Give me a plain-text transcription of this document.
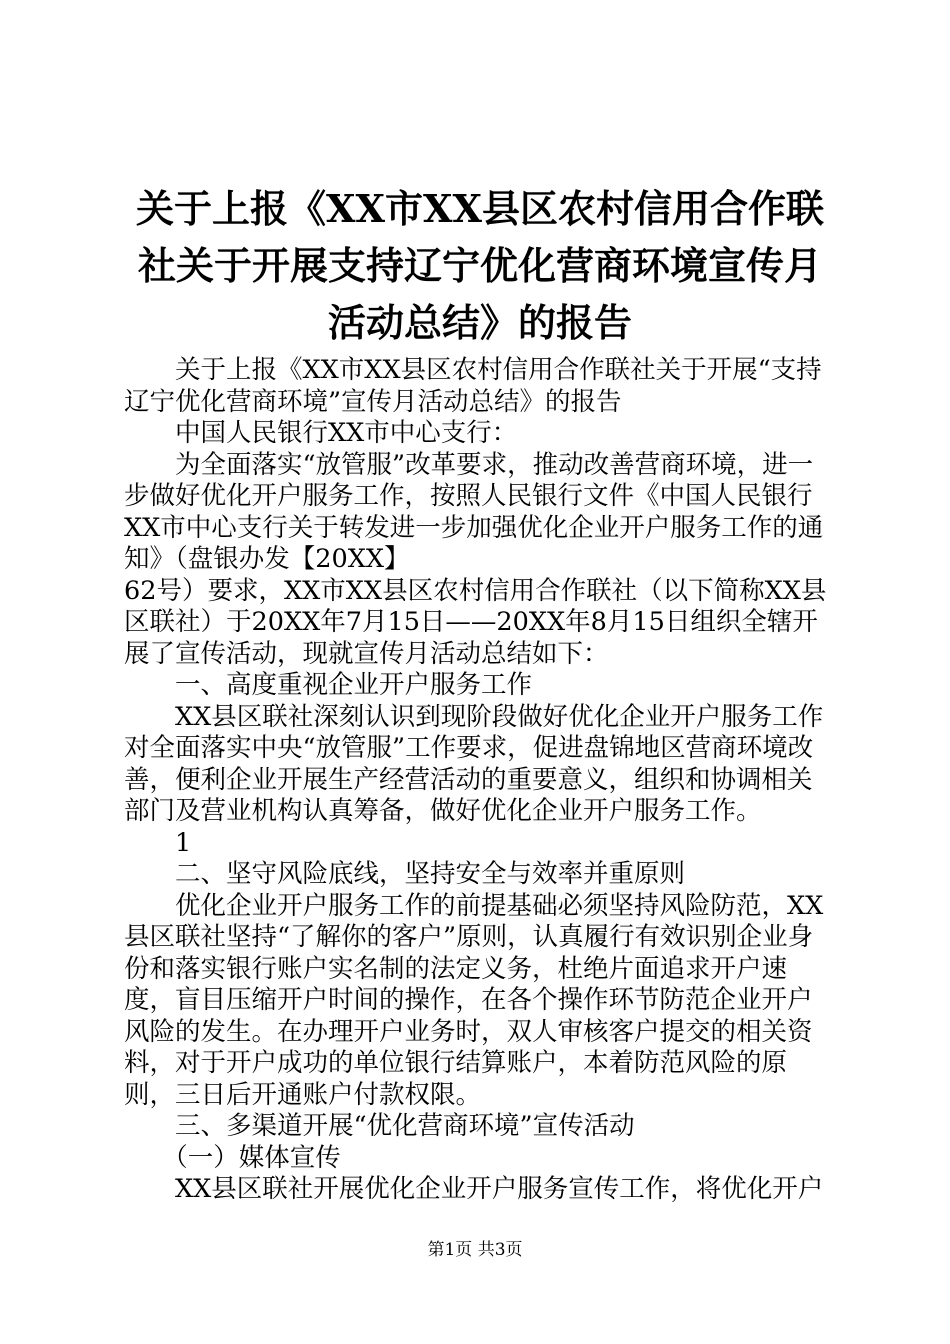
关于上报《XX市XX县区农村信用合作联社关于开展支持辽宁优化营商环境宣传月活动总结》的报告

关于上报《XX市XX县区农村信用合作联社关于开展“支持辽宁优化营商环境”宣传月活动总结》的报告

中国人民银行XX市中心支行：

为全面落实“放管服”改革要求，推动改善营商环境，进一步做好优化开户服务工作，按照人民银行文件《中国人民银行XX市中心支行关于转发进一步加强优化企业开户服务工作的通知》（盘银办发【20XX】

62号）要求，XX市XX县区农村信用合作联社（以下简称XX县区联社）于20XX年7月15日——20XX年8月15日组织全辖开展了宣传活动，现就宣传月活动总结如下：

一、高度重视企业开户服务工作

XX县区联社深刻认识到现阶段做好优化企业开户服务工作对全面落实中央“放管服”工作要求，促进盘锦地区营商环境改善，便利企业开展生产经营活动的重要意义，组织和协调相关部门及营业机构认真筹备，做好优化企业开户服务工作。

1

二、坚守风险底线，坚持安全与效率并重原则

优化企业开户服务工作的前提基础必须坚持风险防范，XX县区联社坚持“了解你的客户”原则，认真履行有效识别企业身份和落实银行账户实名制的法定义务，杜绝片面追求开户速度，盲目压缩开户时间的操作，在各个操作环节防范企业开户风险的发生。在办理开户业务时，双人审核客户提交的相关资料，对于开户成功的单位银行结算账户，本着防范风险的原则，三日后开通账户付款权限。

三、多渠道开展“优化营商环境”宣传活动

（一）媒体宣传

XX县区联社开展优化企业开户服务宣传工作，将优化开户

第1页 共3页
